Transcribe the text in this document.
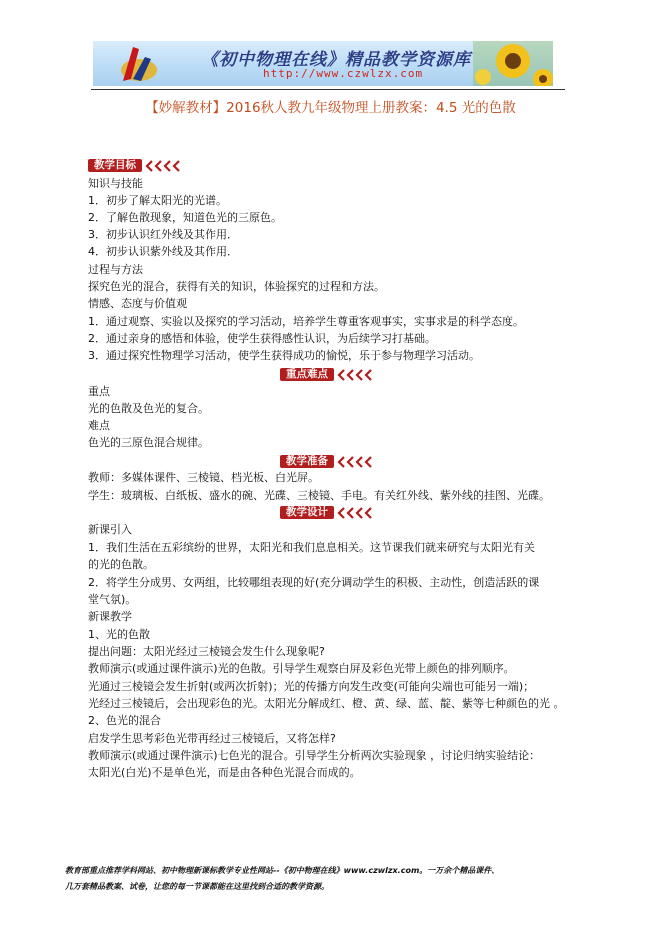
《初中物理在线》精品教学资源库
http://www.czwlzx.com
【妙解教材】2016秋人教九年级物理上册教案：4.5 光的色散
教学目标
知识与技能
1．初步了解太阳光的光谱。
2．了解色散现象，知道色光的三原色。
3．初步认识红外线及其作用．
4．初步认识紫外线及其作用．
过程与方法
探究色光的混合，获得有关的知识，体验探究的过程和方法。
情感、态度与价值观
1．通过观察、实验以及探究的学习活动，培养学生尊重客观事实，实事求是的科学态度。
2．通过亲身的感悟和体验，使学生获得感性认识，为后续学习打基础。
3．通过探究性物理学习活动，使学生获得成功的愉悦，乐于参与物理学习活动。
重点难点
重点
光的色散及色光的复合。
难点
色光的三原色混合规律。
教学准备
教师：多媒体课件、三棱镜、档光板、白光屏。
学生：玻璃板、白纸板、盛水的碗、光碟、三棱镜、手电。有关红外线、紫外线的挂图、光碟。
教学设计
新课引入
1．我们生活在五彩缤纷的世界，太阳光和我们息息相关。这节课我们就来研究与太阳光有关
的光的色散。
2．将学生分成男、女两组，比较哪组表现的好(充分调动学生的积极、主动性，创造活跃的课
堂气氛)。
新课教学
1、光的色散
提出问题：太阳光经过三棱镜会发生什么现象呢?
教师演示(或通过课件演示)光的色散。引导学生观察白屏及彩色光带上颜色的排列顺序。
光通过三棱镜会发生折射(或两次折射)；光的传播方向发生改变(可能向尖端也可能另一端)；
光经过三棱镜后，会出现彩色的光。太阳光分解成红、橙、黄、绿、蓝、靛、紫等七种颜色的光 。
2、色光的混合
启发学生思考彩色光带再经过三棱镜后，又将怎样?
教师演示(或通过课件演示)七色光的混合。引导学生分析两次实验现象 ，讨论归纳实验结论：
太阳光(白光)不是单色光，而是由各种色光混合而成的。
教育部重点推荐学科网站、初中物理新课标教学专业性网站--《初中物理在线》www.czwlzx.com。一万余个精品课件、
几万套精品教案、试卷，让您的每一节课都能在这里找到合适的教学资源。
